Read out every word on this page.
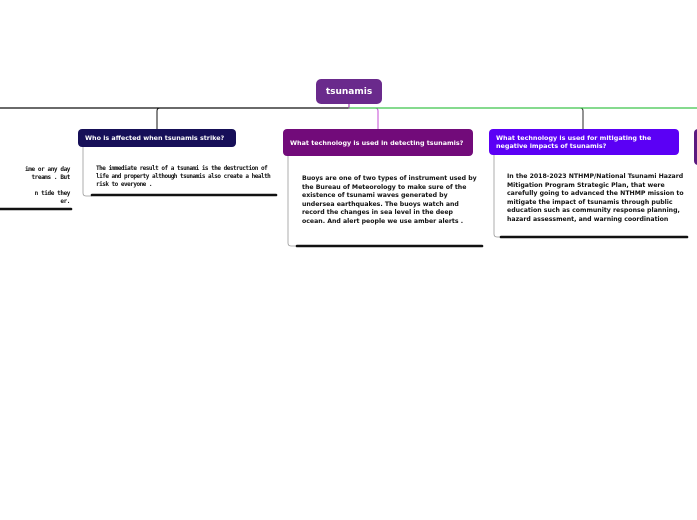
tsunamis
Who is affected when tsunamis strike?
What technology is used in detecting tsunamis?
What technology is used for mitigating the negative impacts of tsunamis?
ime or any day
treams . But

n tide they
er.
The immediate result of a tsunami is the destruction of life and property although tsunamis also create a health risk to everyone .
Buoys are one of two types of instrument used by the Bureau of Meteorology to make sure of the existence of tsunami waves generated by undersea earthquakes. The buoys watch and record the changes in sea level in the deep ocean. And alert people we use amber alerts .
In the 2018-2023 NTHMP/National Tsunami Hazard Mitigation Program Strategic Plan, that were carefully going to advanced the NTHMP mission to mitigate the impact of tsunamis through public education such as community response planning, hazard assessment, and warning coordination
